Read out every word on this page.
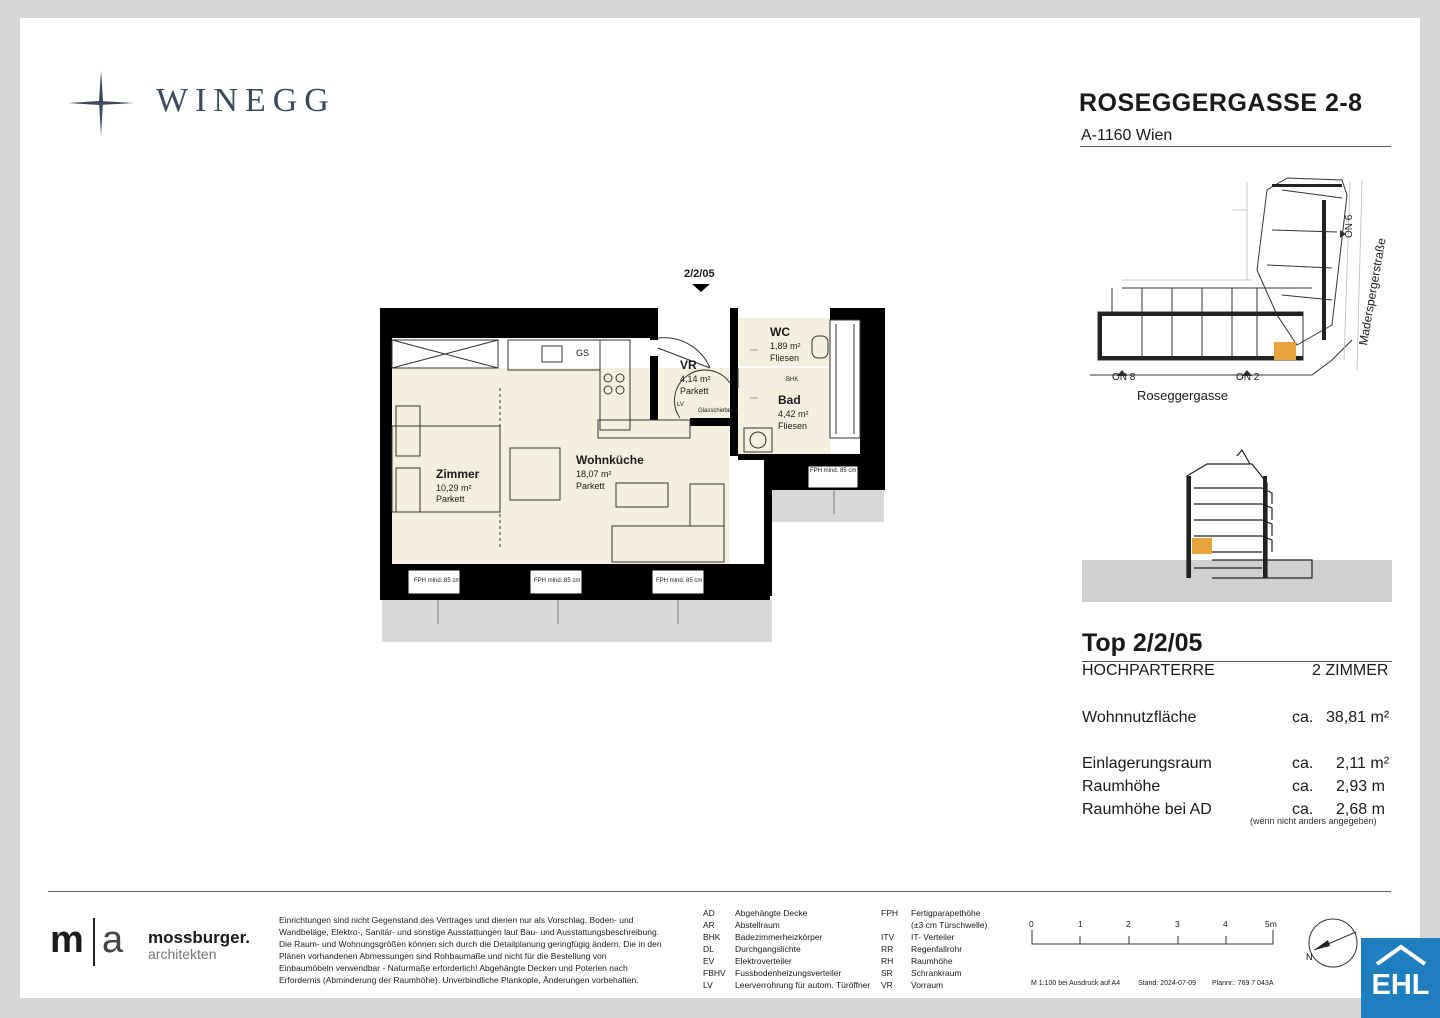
WINEGG	ROSEGGERGASSE 2-8
A-1160 Wien
ON 8	ON 2
ON 6
Roseggergasse
Maderspergerstraße
Top 2/2/05
HOCHPARTERRE	2 ZIMMER
Wohnnutzfläche	ca. 38,81 m²
Einlagerungsraum	ca. 2,11 m²
Raumhöhe	ca. 2,93 m
Raumhöhe bei AD	ca. 2,68 m
(wenn nicht anders angegeben)
2/2/05
Zimmer
10,29 m²
Parkett
Wohnküche
18,07 m²
Parkett
VR
4,14 m²
Parkett
WC
1,89 m²
Fliesen
Bad
4,42 m²
Fliesen
GS
BHK
LV
Glasschiebetür
FPH mind. 85 cm	FPH mind. 85 cm	FPH mind. 85 cm
FPH mind. 85 cm
m a mossburger.
architekten
Einrichtungen sind nicht Gegenstand des Vertrages und dienen nur als Vorschlag. Boden- und Wandbeläge, Elektro-, Sanitär- und sonstige Ausstattungen laut Bau- und Ausstattungsbeschreibung. Die Raum- und Wohnungsgrößen können sich durch die Detailplanung geringfügig ändern. Die in den Plänen vorhandenen Abmessungen sind Rohbaumaße und nicht für die Bestellung von Einbaumöbeln verwendbar - Naturmaße erforderlich! Abgehängte Decken und Poterien nach Erfordernis (Abminderung der Raumhöhe). Unverbindliche Plankopie, Änderungen vorbehalten.
AD	Abgehängte Decke
AR	Abstellraum
BHK	Badezimmerheizkörper
DL	Durchgangslichte
EV	Elektroverteiler
FBHV	Fussbodenheizungsverteiler
LV	Leerverrohrung für autom. Türöffner
FPH	Fertigparapethöhe
(±3 cm Türschwelle)
ITV	IT- Verteiler
RR	Regenfallrohr
RH	Raumhöhe
SR	Schrankraum
VR	Vorraum
0	1	2	3	4	5m
M 1:100 bei Ausdruck auf A4	Stand: 2024-07-09 Plannr.: 769 7 043A
N
EHL
